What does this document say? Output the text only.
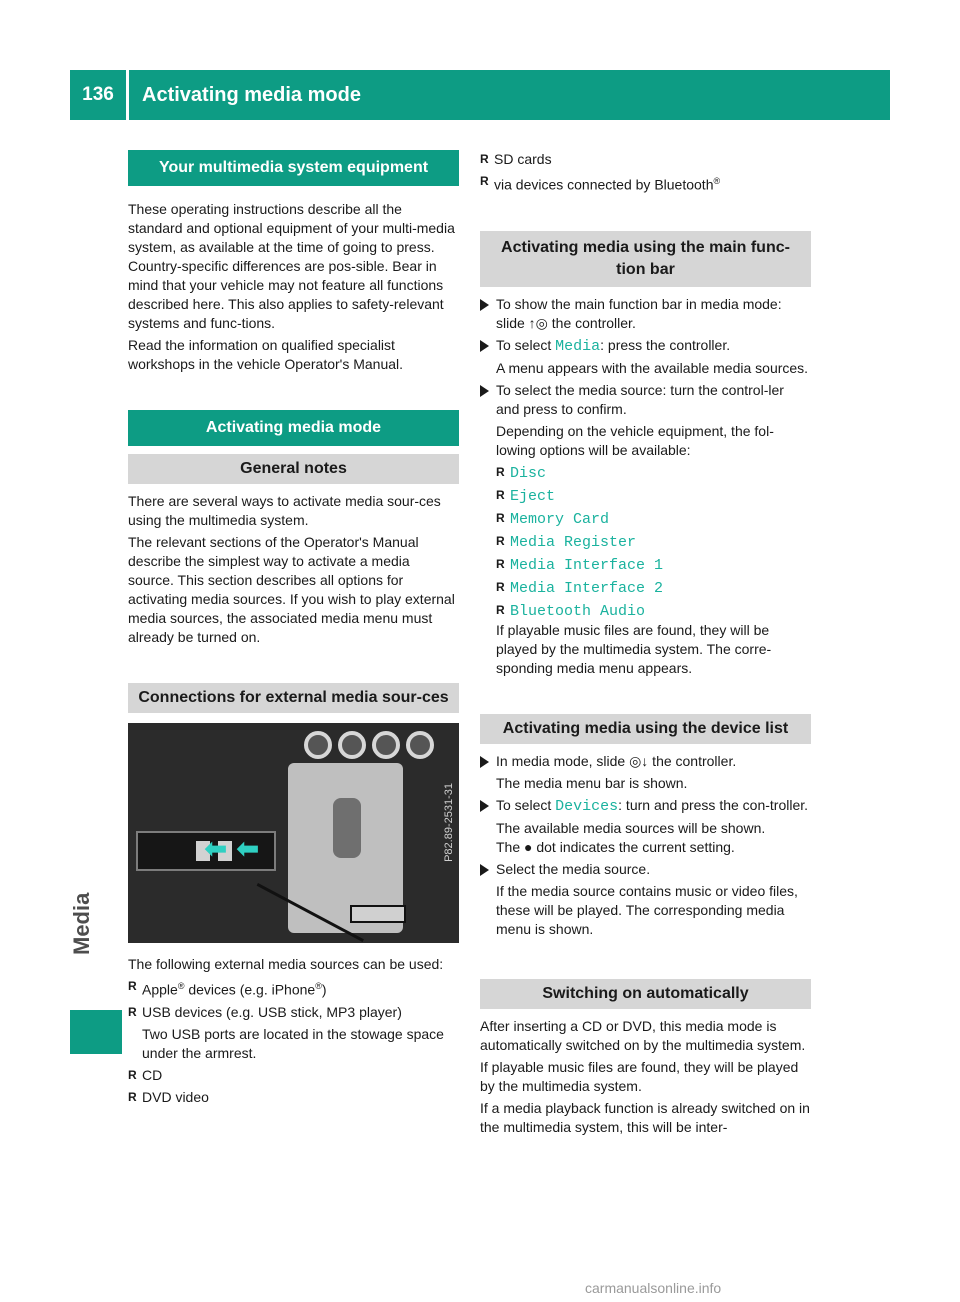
136	Activating media mode
Media
Your multimedia system equipment

These operating instructions describe all the standard and optional equipment of your multi-media system, as available at the time of going to press. Country-specific differences are pos-sible. Bear in mind that your vehicle may not feature all functions described here. This also applies to safety-relevant systems and func-tions.

Read the information on qualified specialist workshops in the vehicle Operator's Manual.

Activating media mode
General notes

There are several ways to activate media sour-ces using the multimedia system.

The relevant sections of the Operator's Manual describe the simplest way to activate a media source. This section describes all options for activating media sources. If you wish to play external media sources, the associated media menu must already be turned on.

Connections for external media sour-ces
⬅ ⬅	P82.89-2531-31

The following external media sources can be used:

R Apple® devices (e.g. iPhone®)
R USB devices (e.g. USB stick, MP3 player)
Two USB ports are located in the stowage space under the armrest.
R CD
R DVD video
R SD cards
R via devices connected by Bluetooth®
Activating media using the main func-tion bar
To show the main function bar in media mode: slide ↑◎ the controller.
To select Media: press the controller.
A menu appears with the available media sources.
To select the media source: turn the control-ler and press to confirm.
Depending on the vehicle equipment, the fol-lowing options will be available:
R Disc
R Eject
R Memory Card
R Media Register
R Media Interface 1
R Media Interface 2
R Bluetooth Audio
If playable music files are found, they will be played by the multimedia system. The corre-sponding media menu appears.
Activating media using the device list
In media mode, slide ◎↓ the controller.
The media menu bar is shown.
To select Devices: turn and press the con-troller.
The available media sources will be shown.
The ● dot indicates the current setting.
Select the media source.
If the media source contains music or video files, these will be played. The corresponding media menu is shown.
Switching on automatically

After inserting a CD or DVD, this media mode is automatically switched on by the multimedia system.

If playable music files are found, they will be played by the multimedia system.

If a media playback function is already switched on in the multimedia system, this will be inter-

carmanualsonline.info
